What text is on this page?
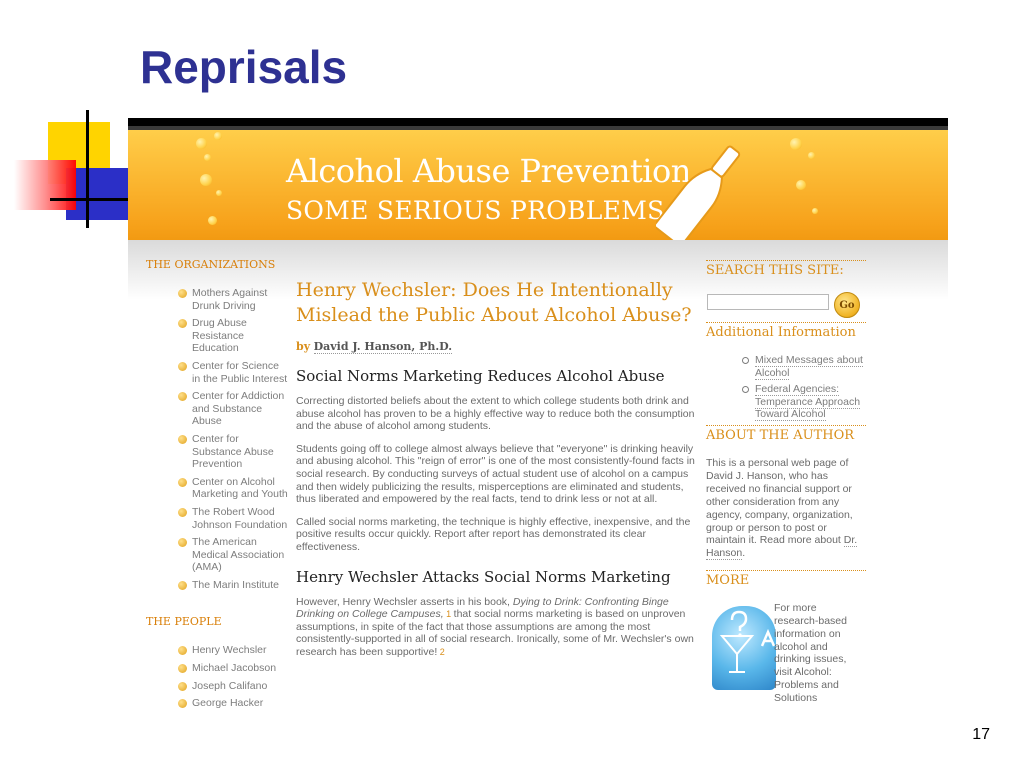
Reprisals
Alcohol Abuse Prevention
SOME SERIOUS PROBLEMS
THE ORGANIZATIONS
Mothers Against Drunk Driving
Drug Abuse Resistance Education
Center for Science in the Public Interest
Center for Addiction and Substance Abuse
Center for Substance Abuse Prevention
Center on Alcohol Marketing and Youth
The Robert Wood Johnson Foundation
The American Medical Association (AMA)
The Marin Institute
THE PEOPLE
Henry Wechsler
Michael Jacobson
Joseph Califano
George Hacker
Henry Wechsler: Does He Intentionally Mislead the Public About Alcohol Abuse?
by David J. Hanson, Ph.D.
Social Norms Marketing Reduces Alcohol Abuse

Correcting distorted beliefs about the extent to which college students both drink and abuse alcohol has proven to be a highly effective way to reduce both the consumption and the abuse of alcohol among students.

Students going off to college almost always believe that "everyone" is drinking heavily and abusing alcohol. This "reign of error" is one of the most consistently-found facts in social research. By conducting surveys of actual student use of alcohol on a campus and then widely publicizing the results, misperceptions are eliminated and students, thus liberated and empowered by the real facts, tend to drink less or not at all.

Called social norms marketing, the technique is highly effective, inexpensive, and the positive results occur quickly. Report after report has demonstrated its clear effectiveness.

Henry Wechsler Attacks Social Norms Marketing

However, Henry Wechsler asserts in his book, Dying to Drink: Confronting Binge Drinking on College Campuses, 1 that social norms marketing is based on unproven assumptions, in spite of the fact that those assumptions are among the most consistently-supported in all of social research. Ironically, some of Mr. Wechsler's own research has been supportive! 2

SEARCH THIS SITE:
Go
Additional Information
Mixed Messages about Alcohol
Federal Agencies: Temperance Approach Toward Alcohol
ABOUT THE AUTHOR

This is a personal web page of David J. Hanson, who has received no financial support or other consideration from any agency, company, organization, group or person to post or maintain it. Read more about Dr. Hanson.

MORE
For more research-based information on alcohol and drinking issues, visit Alcohol: Problems and Solutions
17
